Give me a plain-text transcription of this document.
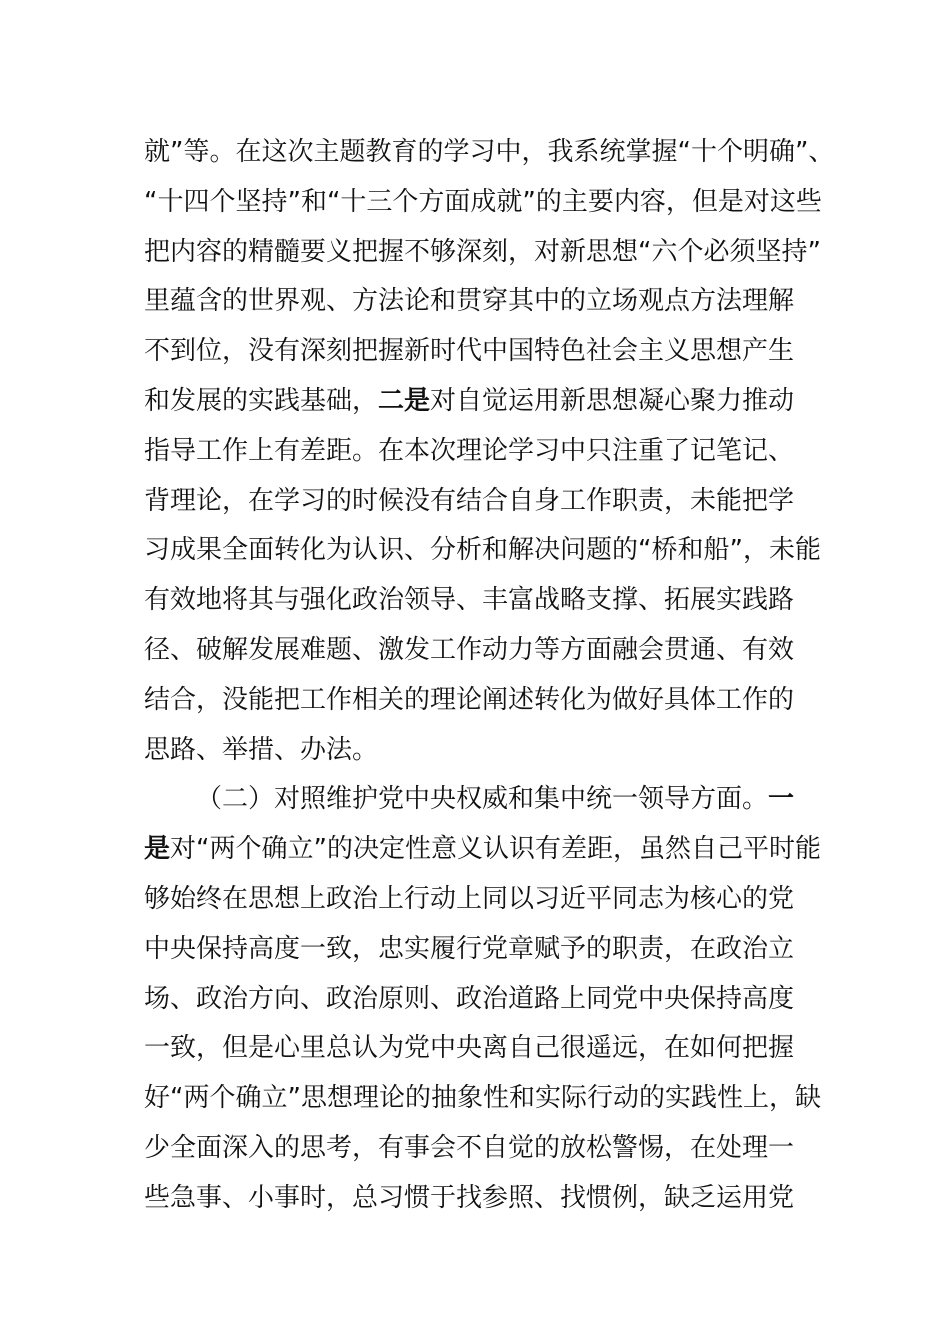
就”等。在这次主题教育的学习中，我系统掌握“十个明确”、
“十四个坚持”和“十三个方面成就”的主要内容，但是对这些
把内容的精髓要义把握不够深刻，对新思想“六个必须坚持”
里蕴含的世界观、方法论和贯穿其中的立场观点方法理解
不到位，没有深刻把握新时代中国特色社会主义思想产生
和发展的实践基础，二是对自觉运用新思想凝心聚力推动
指导工作上有差距。在本次理论学习中只注重了记笔记、
背理论，在学习的时候没有结合自身工作职责，未能把学
习成果全面转化为认识、分析和解决问题的“桥和船”，未能
有效地将其与强化政治领导、丰富战略支撑、拓展实践路
径、破解发展难题、激发工作动力等方面融会贯通、有效
结合，没能把工作相关的理论阐述转化为做好具体工作的
思路、举措、办法。
（二）对照维护党中央权威和集中统一领导方面。一
是对“两个确立”的决定性意义认识有差距，虽然自己平时能
够始终在思想上政治上行动上同以习近平同志为核心的党
中央保持高度一致，忠实履行党章赋予的职责，在政治立
场、政治方向、政治原则、政治道路上同党中央保持高度
一致，但是心里总认为党中央离自己很遥远，在如何把握
好“两个确立”思想理论的抽象性和实际行动的实践性上，缺
少全面深入的思考，有事会不自觉的放松警惕，在处理一
些急事、小事时，总习惯于找参照、找惯例，缺乏运用党
